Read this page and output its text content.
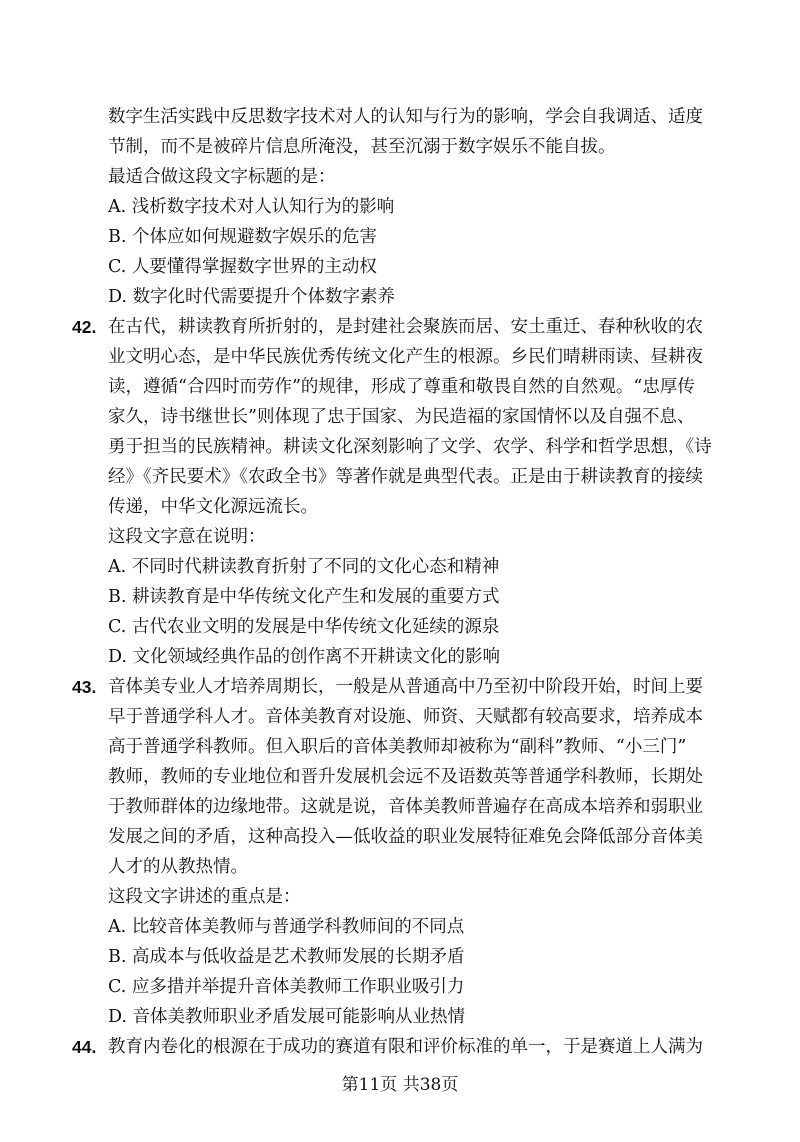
数字生活实践中反思数字技术对人的认知与行为的影响，学会自我调适、适度
节制，而不是被碎片信息所淹没，甚至沉溺于数字娱乐不能自拔。
最适合做这段文字标题的是：
A. 浅析数字技术对人认知行为的影响
B. 个体应如何规避数字娱乐的危害
C. 人要懂得掌握数字世界的主动权
D. 数字化时代需要提升个体数字素养
42. 在古代，耕读教育所折射的，是封建社会聚族而居、安土重迁、春种秋收的农
业文明心态，是中华民族优秀传统文化产生的根源。乡民们晴耕雨读、昼耕夜
读，遵循“合四时而劳作”的规律，形成了尊重和敬畏自然的自然观。“忠厚传
家久，诗书继世长”则体现了忠于国家、为民造福的家国情怀以及自强不息、
勇于担当的民族精神。耕读文化深刻影响了文学、农学、科学和哲学思想，《诗
经》《齐民要术》《农政全书》等著作就是典型代表。正是由于耕读教育的接续
传递，中华文化源远流长。
这段文字意在说明：
A. 不同时代耕读教育折射了不同的文化心态和精神
B. 耕读教育是中华传统文化产生和发展的重要方式
C. 古代农业文明的发展是中华传统文化延续的源泉
D. 文化领域经典作品的创作离不开耕读文化的影响
43. 音体美专业人才培养周期长，一般是从普通高中乃至初中阶段开始，时间上要
早于普通学科人才。音体美教育对设施、师资、天赋都有较高要求，培养成本
高于普通学科教师。但入职后的音体美教师却被称为“副科”教师、“小三门”
教师，教师的专业地位和晋升发展机会远不及语数英等普通学科教师，长期处
于教师群体的边缘地带。这就是说，音体美教师普遍存在高成本培养和弱职业
发展之间的矛盾，这种高投入—低收益的职业发展特征难免会降低部分音体美
人才的从教热情。
这段文字讲述的重点是：
A. 比较音体美教师与普通学科教师间的不同点
B. 高成本与低收益是艺术教师发展的长期矛盾
C. 应多措并举提升音体美教师工作职业吸引力
D. 音体美教师职业矛盾发展可能影响从业热情
44. 教育内卷化的根源在于成功的赛道有限和评价标准的单一，于是赛道上人满为
第11页 共38页
